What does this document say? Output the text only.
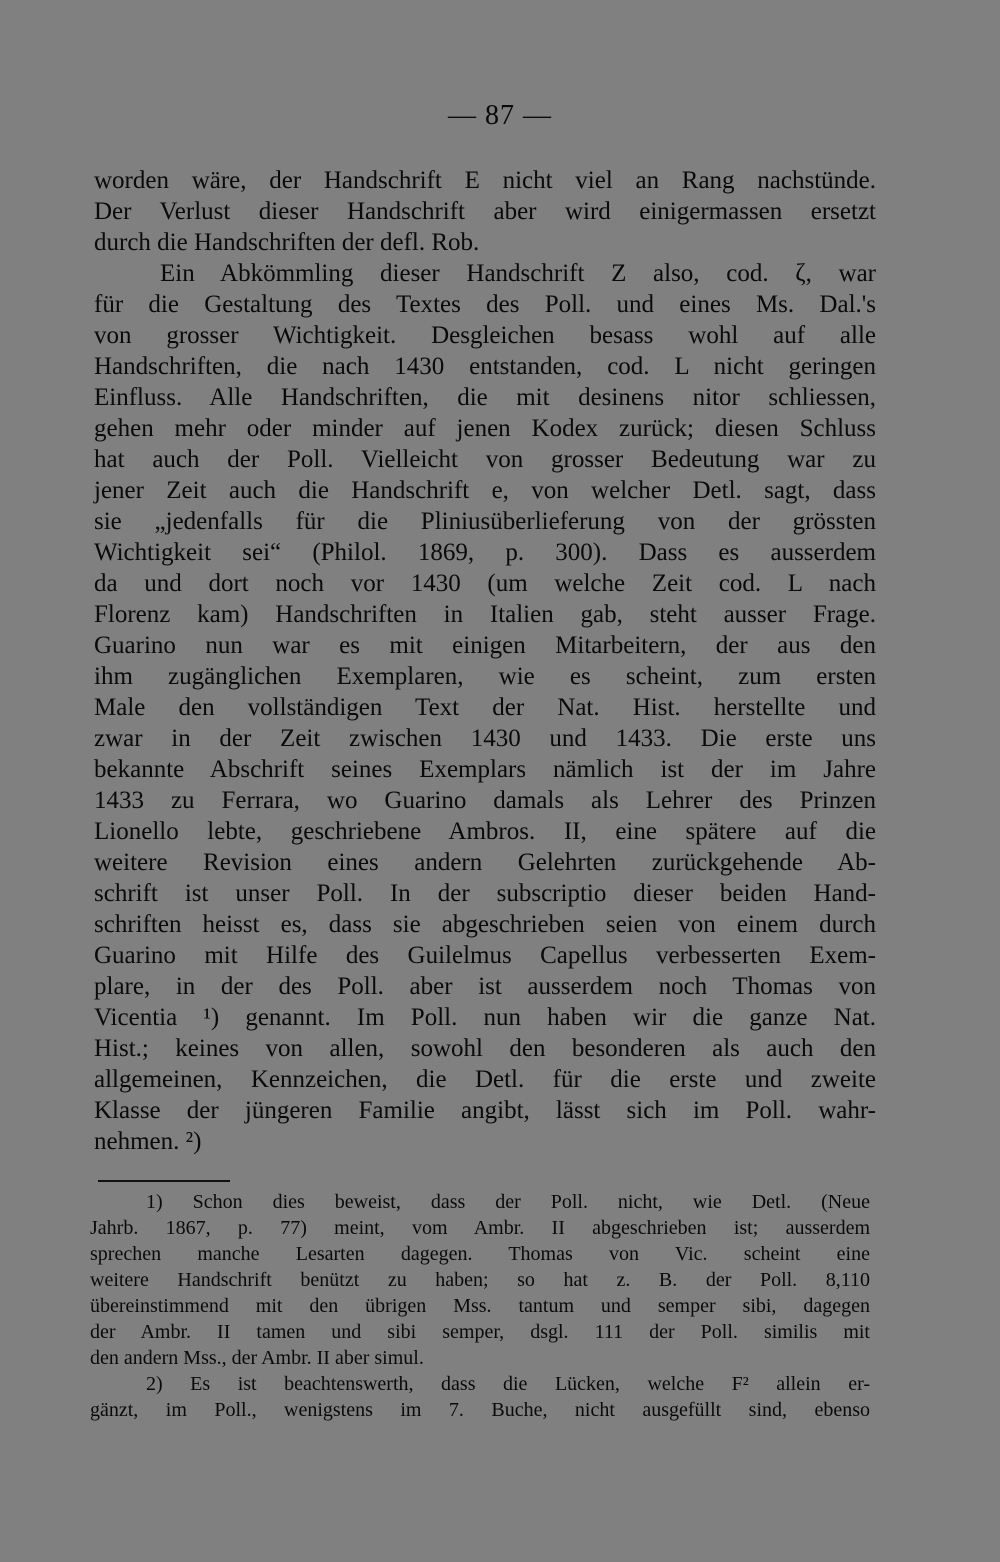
— 87 —
worden wäre, der Handschrift E nicht viel an Rang nachstünde.
Der Verlust dieser Handschrift aber wird einigermassen ersetzt
durch die Handschriften der defl. Rob.
Ein Abkömmling dieser Handschrift Z also, cod. ζ, war
für die Gestaltung des Textes des Poll. und eines Ms. Dal.'s
von grosser Wichtigkeit. Desgleichen besass wohl auf alle
Handschriften, die nach 1430 entstanden, cod. L nicht geringen
Einfluss. Alle Handschriften, die mit desinens nitor schliessen,
gehen mehr oder minder auf jenen Kodex zurück; diesen Schluss
hat auch der Poll. Vielleicht von grosser Bedeutung war zu
jener Zeit auch die Handschrift e, von welcher Detl. sagt, dass
sie „jedenfalls für die Pliniusüberlieferung von der grössten
Wichtigkeit sei“ (Philol. 1869, p. 300). Dass es ausserdem
da und dort noch vor 1430 (um welche Zeit cod. L nach
Florenz kam) Handschriften in Italien gab, steht ausser Frage.
Guarino nun war es mit einigen Mitarbeitern, der aus den
ihm zugänglichen Exemplaren, wie es scheint, zum ersten
Male den vollständigen Text der Nat. Hist. herstellte und
zwar in der Zeit zwischen 1430 und 1433. Die erste uns
bekannte Abschrift seines Exemplars nämlich ist der im Jahre
1433 zu Ferrara, wo Guarino damals als Lehrer des Prinzen
Lionello lebte, geschriebene Ambros. II, eine spätere auf die
weitere Revision eines andern Gelehrten zurückgehende Ab-
schrift ist unser Poll. In der subscriptio dieser beiden Hand-
schriften heisst es, dass sie abgeschrieben seien von einem durch
Guarino mit Hilfe des Guilelmus Capellus verbesserten Exem-
plare, in der des Poll. aber ist ausserdem noch Thomas von
Vicentia ¹) genannt. Im Poll. nun haben wir die ganze Nat.
Hist.; keines von allen, sowohl den besonderen als auch den
allgemeinen, Kennzeichen, die Detl. für die erste und zweite
Klasse der jüngeren Familie angibt, lässt sich im Poll. wahr-
nehmen. ²)
1) Schon dies beweist, dass der Poll. nicht, wie Detl. (Neue
Jahrb. 1867, p. 77) meint, vom Ambr. II abgeschrieben ist; ausserdem
sprechen manche Lesarten dagegen. Thomas von Vic. scheint eine
weitere Handschrift benützt zu haben; so hat z. B. der Poll. 8,110
übereinstimmend mit den übrigen Mss. tantum und semper sibi, dagegen
der Ambr. II tamen und sibi semper, dsgl. 111 der Poll. similis mit
den andern Mss., der Ambr. II aber simul.
2) Es ist beachtenswerth, dass die Lücken, welche F² allein er-
gänzt, im Poll., wenigstens im 7. Buche, nicht ausgefüllt sind, ebenso
